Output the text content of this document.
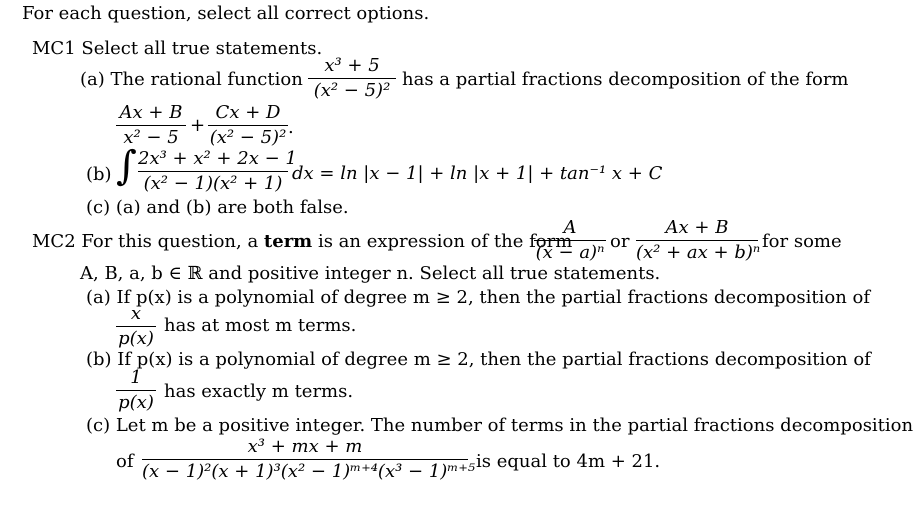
For each question, select all correct options.
MC1 Select all true statements.
(a) The rational function
x³ + 5
(x² − 5)²
has a partial fractions decomposition of the form
Ax + B
x² − 5
+
Cx + D
(x² − 5)² .
(b) ∫ 2x³ + x² + 2x − 1
(x² − 1)(x² + 1) dx = ln |x − 1| + ln |x + 1| + tan⁻¹ x + C
(c) (a) and (b) are both false.
MC2 For this question, a term is an expression of the form
A
(x − a)ⁿ
or
Ax + B
(x² + ax + b)ⁿ
for some
A, B, a, b ∈ ℝ and positive integer n. Select all true statements.
(a) If p(x) is a polynomial of degree m ≥ 2, then the partial fractions decomposition of
x
p(x)
has at most m terms.
(b) If p(x) is a polynomial of degree m ≥ 2, then the partial fractions decomposition of
1
p(x)
has exactly m terms.
(c) Let m be a positive integer. The number of terms in the partial fractions decomposition
of
x³ + mx + m
(x − 1)²(x + 1)³(x² − 1)ᵐ⁺⁴(x³ − 1)ᵐ⁺⁵ is equal to 4m + 21.
